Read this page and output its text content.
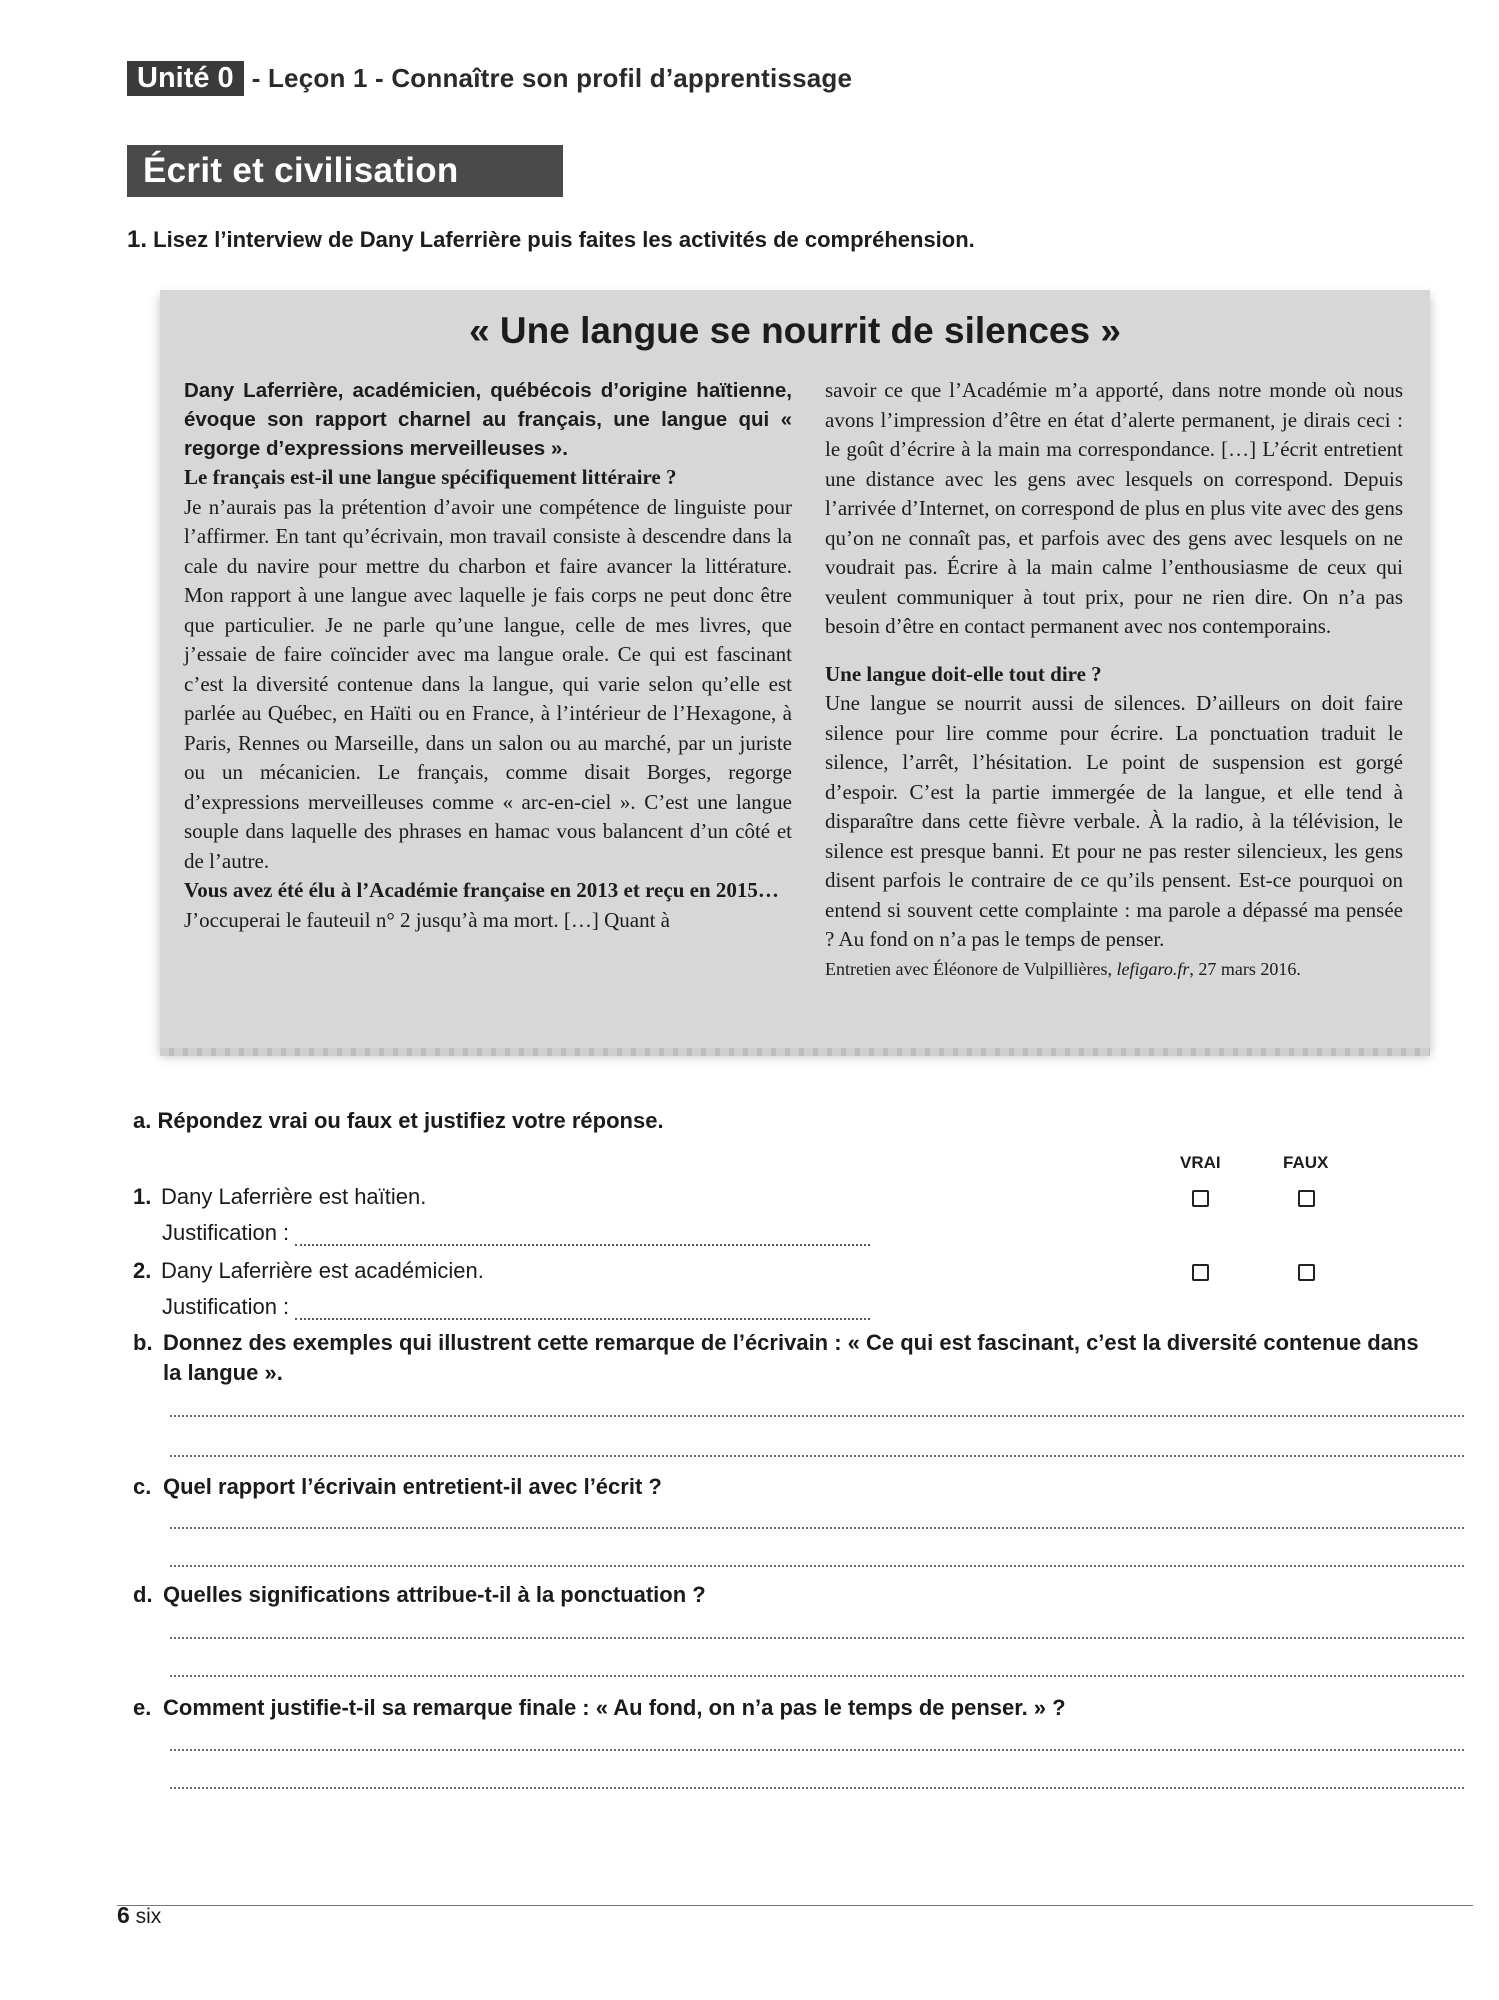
Unité 0 - Leçon 1 - Connaître son profil d’apprentissage
Écrit et civilisation
1. Lisez l’interview de Dany Laferrière puis faites les activités de compréhension.
« Une langue se nourrit de silences »

Dany Laferrière, académicien, québécois d’origine haïtienne, évoque son rapport charnel au français, une langue qui « regorge d’expressions merveilleuses ».

Le français est-il une langue spécifiquement littéraire ?

Je n’aurais pas la prétention d’avoir une compétence de linguiste pour l’affirmer. En tant qu’écrivain, mon travail consiste à descendre dans la cale du navire pour mettre du charbon et faire avancer la littérature. Mon rapport à une langue avec laquelle je fais corps ne peut donc être que particulier. Je ne parle qu’une langue, celle de mes livres, que j’essaie de faire coïncider avec ma langue orale. Ce qui est fascinant c’est la diversité contenue dans la langue, qui varie selon qu’elle est parlée au Québec, en Haïti ou en France, à l’intérieur de l’Hexagone, à Paris, Rennes ou Marseille, dans un salon ou au marché, par un juriste ou un mécanicien. Le français, comme disait Borges, regorge d’expressions merveilleuses comme « arc-en-ciel ». C’est une langue souple dans laquelle des phrases en hamac vous balancent d’un côté et de l’autre.

Vous avez été élu à l’Académie française en 2013 et reçu en 2015…

J’occuperai le fauteuil n° 2 jusqu’à ma mort. […] Quant à

savoir ce que l’Académie m’a apporté, dans notre monde où nous avons l’impression d’être en état d’alerte permanent, je dirais ceci : le goût d’écrire à la main ma correspondance. […] L’écrit entretient une distance avec les gens avec lesquels on correspond. Depuis l’arrivée d’Internet, on correspond de plus en plus vite avec des gens qu’on ne connaît pas, et parfois avec des gens avec lesquels on ne voudrait pas. Écrire à la main calme l’enthousiasme de ceux qui veulent communiquer à tout prix, pour ne rien dire. On n’a pas besoin d’être en contact permanent avec nos contemporains.

Une langue doit-elle tout dire ?

Une langue se nourrit aussi de silences. D’ailleurs on doit faire silence pour lire comme pour écrire. La ponctuation traduit le silence, l’arrêt, l’hésitation. Le point de suspension est gorgé d’espoir. C’est la partie immergée de la langue, et elle tend à disparaître dans cette fièvre verbale. À la radio, à la télévision, le silence est presque banni. Et pour ne pas rester silencieux, les gens disent parfois le contraire de ce qu’ils pensent. Est-ce pourquoi on entend si souvent cette complainte : ma parole a dépassé ma pensée ? Au fond on n’a pas le temps de penser.

Entretien avec Éléonore de Vulpillières, lefigaro.fr, 27 mars 2016.

a. Répondez vrai ou faux et justifiez votre réponse.
VRAI	FAUX
1. Dany Laferrière est haïtien.
Justification :
2. Dany Laferrière est académicien.
Justification :
b. Donnez des exemples qui illustrent cette remarque de l’écrivain : « Ce qui est fascinant, c’est la diversité contenue dans
la langue ».
c. Quel rapport l’écrivain entretient-il avec l’écrit ?
d. Quelles significations attribue-t-il à la ponctuation ?
e. Comment justifie-t-il sa remarque finale : « Au fond, on n’a pas le temps de penser. » ?
6 six
